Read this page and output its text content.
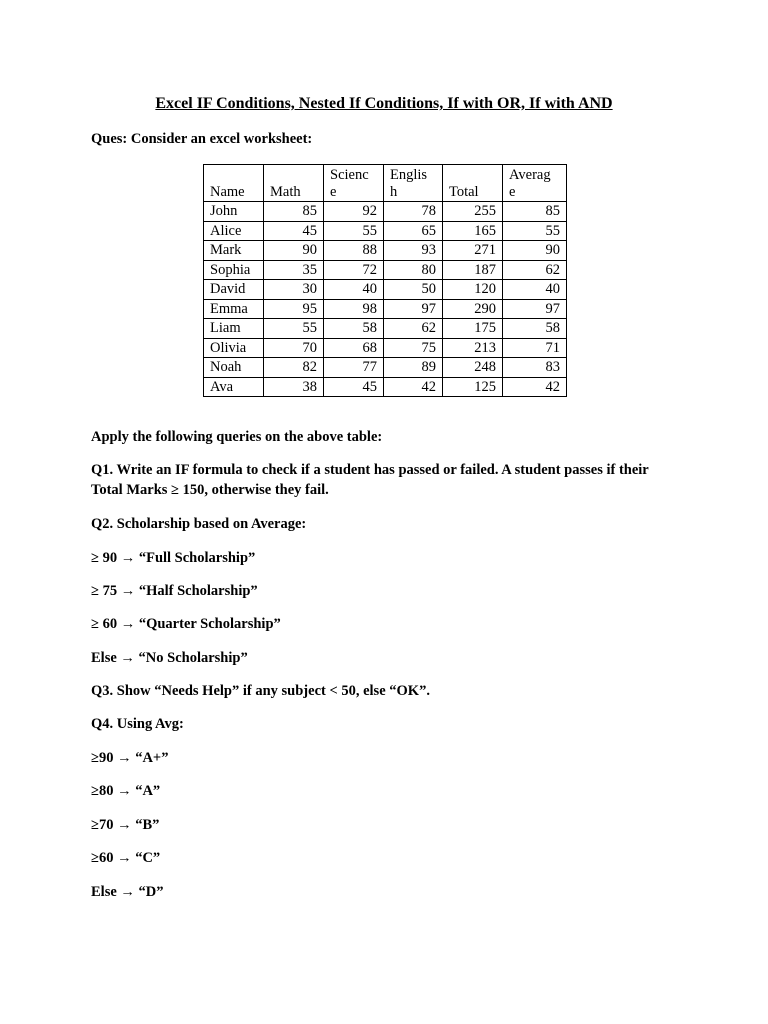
Excel IF Conditions, Nested If Conditions, If with OR, If with AND
Ques: Consider an excel worksheet:
Name	Math	Scienc e	Englis h	Total	Averag e
John	85	92	78	255	85
Alice	45	55	65	165	55
Mark	90	88	93	271	90
Sophia	35	72	80	187	62
David	30	40	50	120	40
Emma	95	98	97	290	97
Liam	55	58	62	175	58
Olivia	70	68	75	213	71
Noah	82	77	89	248	83
Ava	38	45	42	125	42
Apply the following queries on the above table:
Q1. Write an IF formula to check if a student has passed or failed. A student passes if their
Total Marks ≥ 150, otherwise they fail.
Q2. Scholarship based on Average:
≥ 90 → “Full Scholarship”
≥ 75 → “Half Scholarship”
≥ 60 → “Quarter Scholarship”
Else → “No Scholarship”
Q3. Show “Needs Help” if any subject < 50, else “OK”.
Q4. Using Avg:
≥90 → “A+”
≥80 → “A”
≥70 → “B”
≥60 → “C”
Else → “D”
